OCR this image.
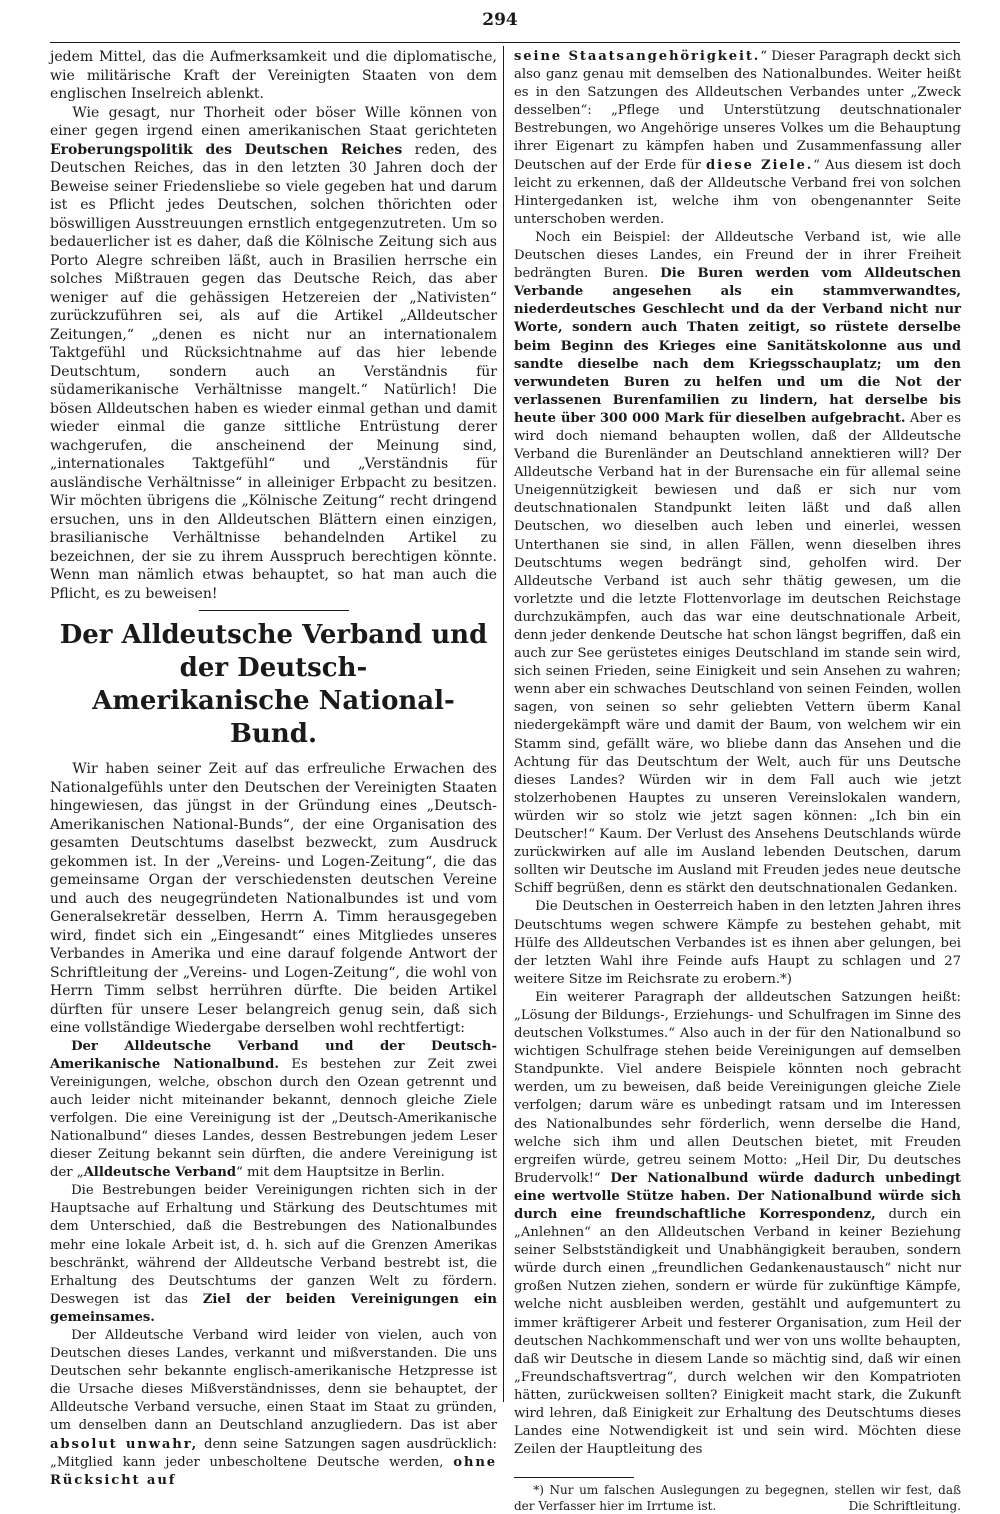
294

jedem Mittel, das die Aufmerksamkeit und die diplomatische, wie militärische Kraft der Vereinigten Staaten von dem englischen Inselreich ablenkt.

Wie gesagt, nur Thorheit oder böser Wille können von einer gegen irgend einen amerikanischen Staat gerichteten Eroberungspolitik des Deutschen Reiches reden, des Deutschen Reiches, das in den letzten 30 Jahren doch der Beweise seiner Friedensliebe so viele gegeben hat und darum ist es Pflicht jedes Deutschen, solchen thörichten oder böswilligen Ausstreuungen ernstlich entgegenzutreten. Um so bedauerlicher ist es daher, daß die Kölnische Zeitung sich aus Porto Alegre schreiben läßt, auch in Brasilien herrsche ein solches Mißtrauen gegen das Deutsche Reich, das aber weniger auf die gehässigen Hetzereien der „Nativisten“ zurückzuführen sei, als auf die Artikel „Alldeutscher Zeitungen,“ „denen es nicht nur an internationalem Taktgefühl und Rücksichtnahme auf das hier lebende Deutschtum, sondern auch an Verständnis für südamerikanische Verhältnisse mangelt.“ Natürlich! Die bösen Alldeutschen haben es wieder einmal gethan und damit wieder einmal die ganze sittliche Entrüstung derer wachgerufen, die anscheinend der Meinung sind, „internationales Taktgefühl“ und „Verständnis für ausländische Verhältnisse“ in alleiniger Erbpacht zu besitzen. Wir möchten übrigens die „Kölnische Zeitung“ recht dringend ersuchen, uns in den Alldeutschen Blättern einen einzigen, brasilianische Verhältnisse behandelnden Artikel zu bezeichnen, der sie zu ihrem Ausspruch berechtigen könnte. Wenn man nämlich etwas behauptet, so hat man auch die Pflicht, es zu beweisen!

Der Alldeutsche Verband und der Deutsch-
Amerikanische National-Bund.

Wir haben seiner Zeit auf das erfreuliche Erwachen des Nationalgefühls unter den Deutschen der Vereinigten Staaten hingewiesen, das jüngst in der Gründung eines „Deutsch-Amerikanischen National-Bunds“, der eine Organisation des gesamten Deutschtums daselbst bezweckt, zum Ausdruck gekommen ist. In der „Vereins- und Logen-Zeitung“, die das gemeinsame Organ der verschiedensten deutschen Vereine und auch des neugegründeten Nationalbundes ist und vom Generalsekretär desselben, Herrn A. Timm herausgegeben wird, findet sich ein „Eingesandt“ eines Mitgliedes unseres Verbandes in Amerika und eine darauf folgende Antwort der Schriftleitung der „Vereins- und Logen-Zeitung“, die wohl von Herrn Timm selbst herrühren dürfte. Die beiden Artikel dürften für unsere Leser belangreich genug sein, daß sich eine vollständige Wiedergabe derselben wohl rechtfertigt:

Der Alldeutsche Verband und der Deutsch-Amerikanische Nationalbund. Es bestehen zur Zeit zwei Vereinigungen, welche, obschon durch den Ozean getrennt und auch leider nicht miteinander bekannt, dennoch gleiche Ziele verfolgen. Die eine Vereinigung ist der „Deutsch-Amerikanische Nationalbund“ dieses Landes, dessen Bestrebungen jedem Leser dieser Zeitung bekannt sein dürften, die andere Vereinigung ist der „Alldeutsche Verband“ mit dem Hauptsitze in Berlin.

Die Bestrebungen beider Vereinigungen richten sich in der Hauptsache auf Erhaltung und Stärkung des Deutschtumes mit dem Unterschied, daß die Bestrebungen des Nationalbundes mehr eine lokale Arbeit ist, d. h. sich auf die Grenzen Amerikas beschränkt, während der Alldeutsche Verband bestrebt ist, die Erhaltung des Deutschtums der ganzen Welt zu fördern. Deswegen ist das Ziel der beiden Vereinigungen ein gemeinsames.

Der Alldeutsche Verband wird leider von vielen, auch von Deutschen dieses Landes, verkannt und mißverstanden. Die uns Deutschen sehr bekannte englisch-amerikanische Hetzpresse ist die Ursache dieses Mißverständnisses, denn sie behauptet, der Alldeutsche Verband versuche, einen Staat im Staat zu gründen, um denselben dann an Deutschland anzugliedern. Das ist aber absolut unwahr, denn seine Satzungen sagen ausdrücklich: „Mitglied kann jeder unbescholtene Deutsche werden, ohne Rücksicht auf

seine Staatsangehörigkeit.“ Dieser Paragraph deckt sich also ganz genau mit demselben des Nationalbundes. Weiter heißt es in den Satzungen des Alldeutschen Verbandes unter „Zweck desselben“: „Pflege und Unterstützung deutschnationaler Bestrebungen, wo Angehörige unseres Volkes um die Behauptung ihrer Eigenart zu kämpfen haben und Zusammenfassung aller Deutschen auf der Erde für diese Ziele.“ Aus diesem ist doch leicht zu erkennen, daß der Alldeutsche Verband frei von solchen Hintergedanken ist, welche ihm von obengenannter Seite unterschoben werden.

Noch ein Beispiel: der Alldeutsche Verband ist, wie alle Deutschen dieses Landes, ein Freund der in ihrer Freiheit bedrängten Buren. Die Buren werden vom Alldeutschen Verbande angesehen als ein stammverwandtes, niederdeutsches Geschlecht und da der Verband nicht nur Worte, sondern auch Thaten zeitigt, so rüstete derselbe beim Beginn des Krieges eine Sanitätskolonne aus und sandte dieselbe nach dem Kriegsschauplatz; um den verwundeten Buren zu helfen und um die Not der verlassenen Burenfamilien zu lindern, hat derselbe bis heute über 300 000 Mark für dieselben aufgebracht. Aber es wird doch niemand behaupten wollen, daß der Alldeutsche Verband die Burenländer an Deutschland annektieren will? Der Alldeutsche Verband hat in der Burensache ein für allemal seine Uneigennützigkeit bewiesen und daß er sich nur vom deutschnationalen Standpunkt leiten läßt und daß allen Deutschen, wo dieselben auch leben und einerlei, wessen Unterthanen sie sind, in allen Fällen, wenn dieselben ihres Deutschtums wegen bedrängt sind, geholfen wird. Der Alldeutsche Verband ist auch sehr thätig gewesen, um die vorletzte und die letzte Flottenvorlage im deutschen Reichstage durchzukämpfen, auch das war eine deutschnationale Arbeit, denn jeder denkende Deutsche hat schon längst begriffen, daß ein auch zur See gerüstetes einiges Deutschland im stande sein wird, sich seinen Frieden, seine Einigkeit und sein Ansehen zu wahren; wenn aber ein schwaches Deutschland von seinen Feinden, wollen sagen, von seinen so sehr geliebten Vettern überm Kanal niedergekämpft wäre und damit der Baum, von welchem wir ein Stamm sind, gefällt wäre, wo bliebe dann das Ansehen und die Achtung für das Deutschtum der Welt, auch für uns Deutsche dieses Landes? Würden wir in dem Fall auch wie jetzt stolzerhobenen Hauptes zu unseren Vereinslokalen wandern, würden wir so stolz wie jetzt sagen können: „Ich bin ein Deutscher!“ Kaum. Der Verlust des Ansehens Deutschlands würde zurückwirken auf alle im Ausland lebenden Deutschen, darum sollten wir Deutsche im Ausland mit Freuden jedes neue deutsche Schiff begrüßen, denn es stärkt den deutschnationalen Gedanken.

Die Deutschen in Oesterreich haben in den letzten Jahren ihres Deutschtums wegen schwere Kämpfe zu bestehen gehabt, mit Hülfe des Alldeutschen Verbandes ist es ihnen aber gelungen, bei der letzten Wahl ihre Feinde aufs Haupt zu schlagen und 27 weitere Sitze im Reichsrate zu erobern.*)

Ein weiterer Paragraph der alldeutschen Satzungen heißt: „Lösung der Bildungs-, Erziehungs- und Schulfragen im Sinne des deutschen Volkstumes.“ Also auch in der für den Nationalbund so wichtigen Schulfrage stehen beide Vereinigungen auf demselben Standpunkte. Viel andere Beispiele könnten noch gebracht werden, um zu beweisen, daß beide Vereinigungen gleiche Ziele verfolgen; darum wäre es unbedingt ratsam und im Interessen des Nationalbundes sehr förderlich, wenn derselbe die Hand, welche sich ihm und allen Deutschen bietet, mit Freuden ergreifen würde, getreu seinem Motto: „Heil Dir, Du deutsches Brudervolk!“ Der Nationalbund würde dadurch unbedingt eine wertvolle Stütze haben. Der Nationalbund würde sich durch eine freundschaftliche Korrespondenz, durch ein „Anlehnen“ an den Alldeutschen Verband in keiner Beziehung seiner Selbstständigkeit und Unabhängigkeit berauben, sondern würde durch einen „freundlichen Gedankenaustausch“ nicht nur großen Nutzen ziehen, sondern er würde für zukünftige Kämpfe, welche nicht ausbleiben werden, gestählt und aufgemuntert zu immer kräftigerer Arbeit und festerer Organisation, zum Heil der deutschen Nachkommenschaft und wer von uns wollte behaupten, daß wir Deutsche in diesem Lande so mächtig sind, daß wir einen „Freundschaftsvertrag“, durch welchen wir den Kompatrioten hätten, zurückweisen sollten? Einigkeit macht stark, die Zukunft wird lehren, daß Einigkeit zur Erhaltung des Deutschtums dieses Landes eine Notwendigkeit ist und sein wird. Möchten diese Zeilen der Hauptleitung des

*) Nur um falschen Auslegungen zu begegnen, stellen wir fest, daß der Verfasser hier im Irrtume ist.	Die Schriftleitung.
